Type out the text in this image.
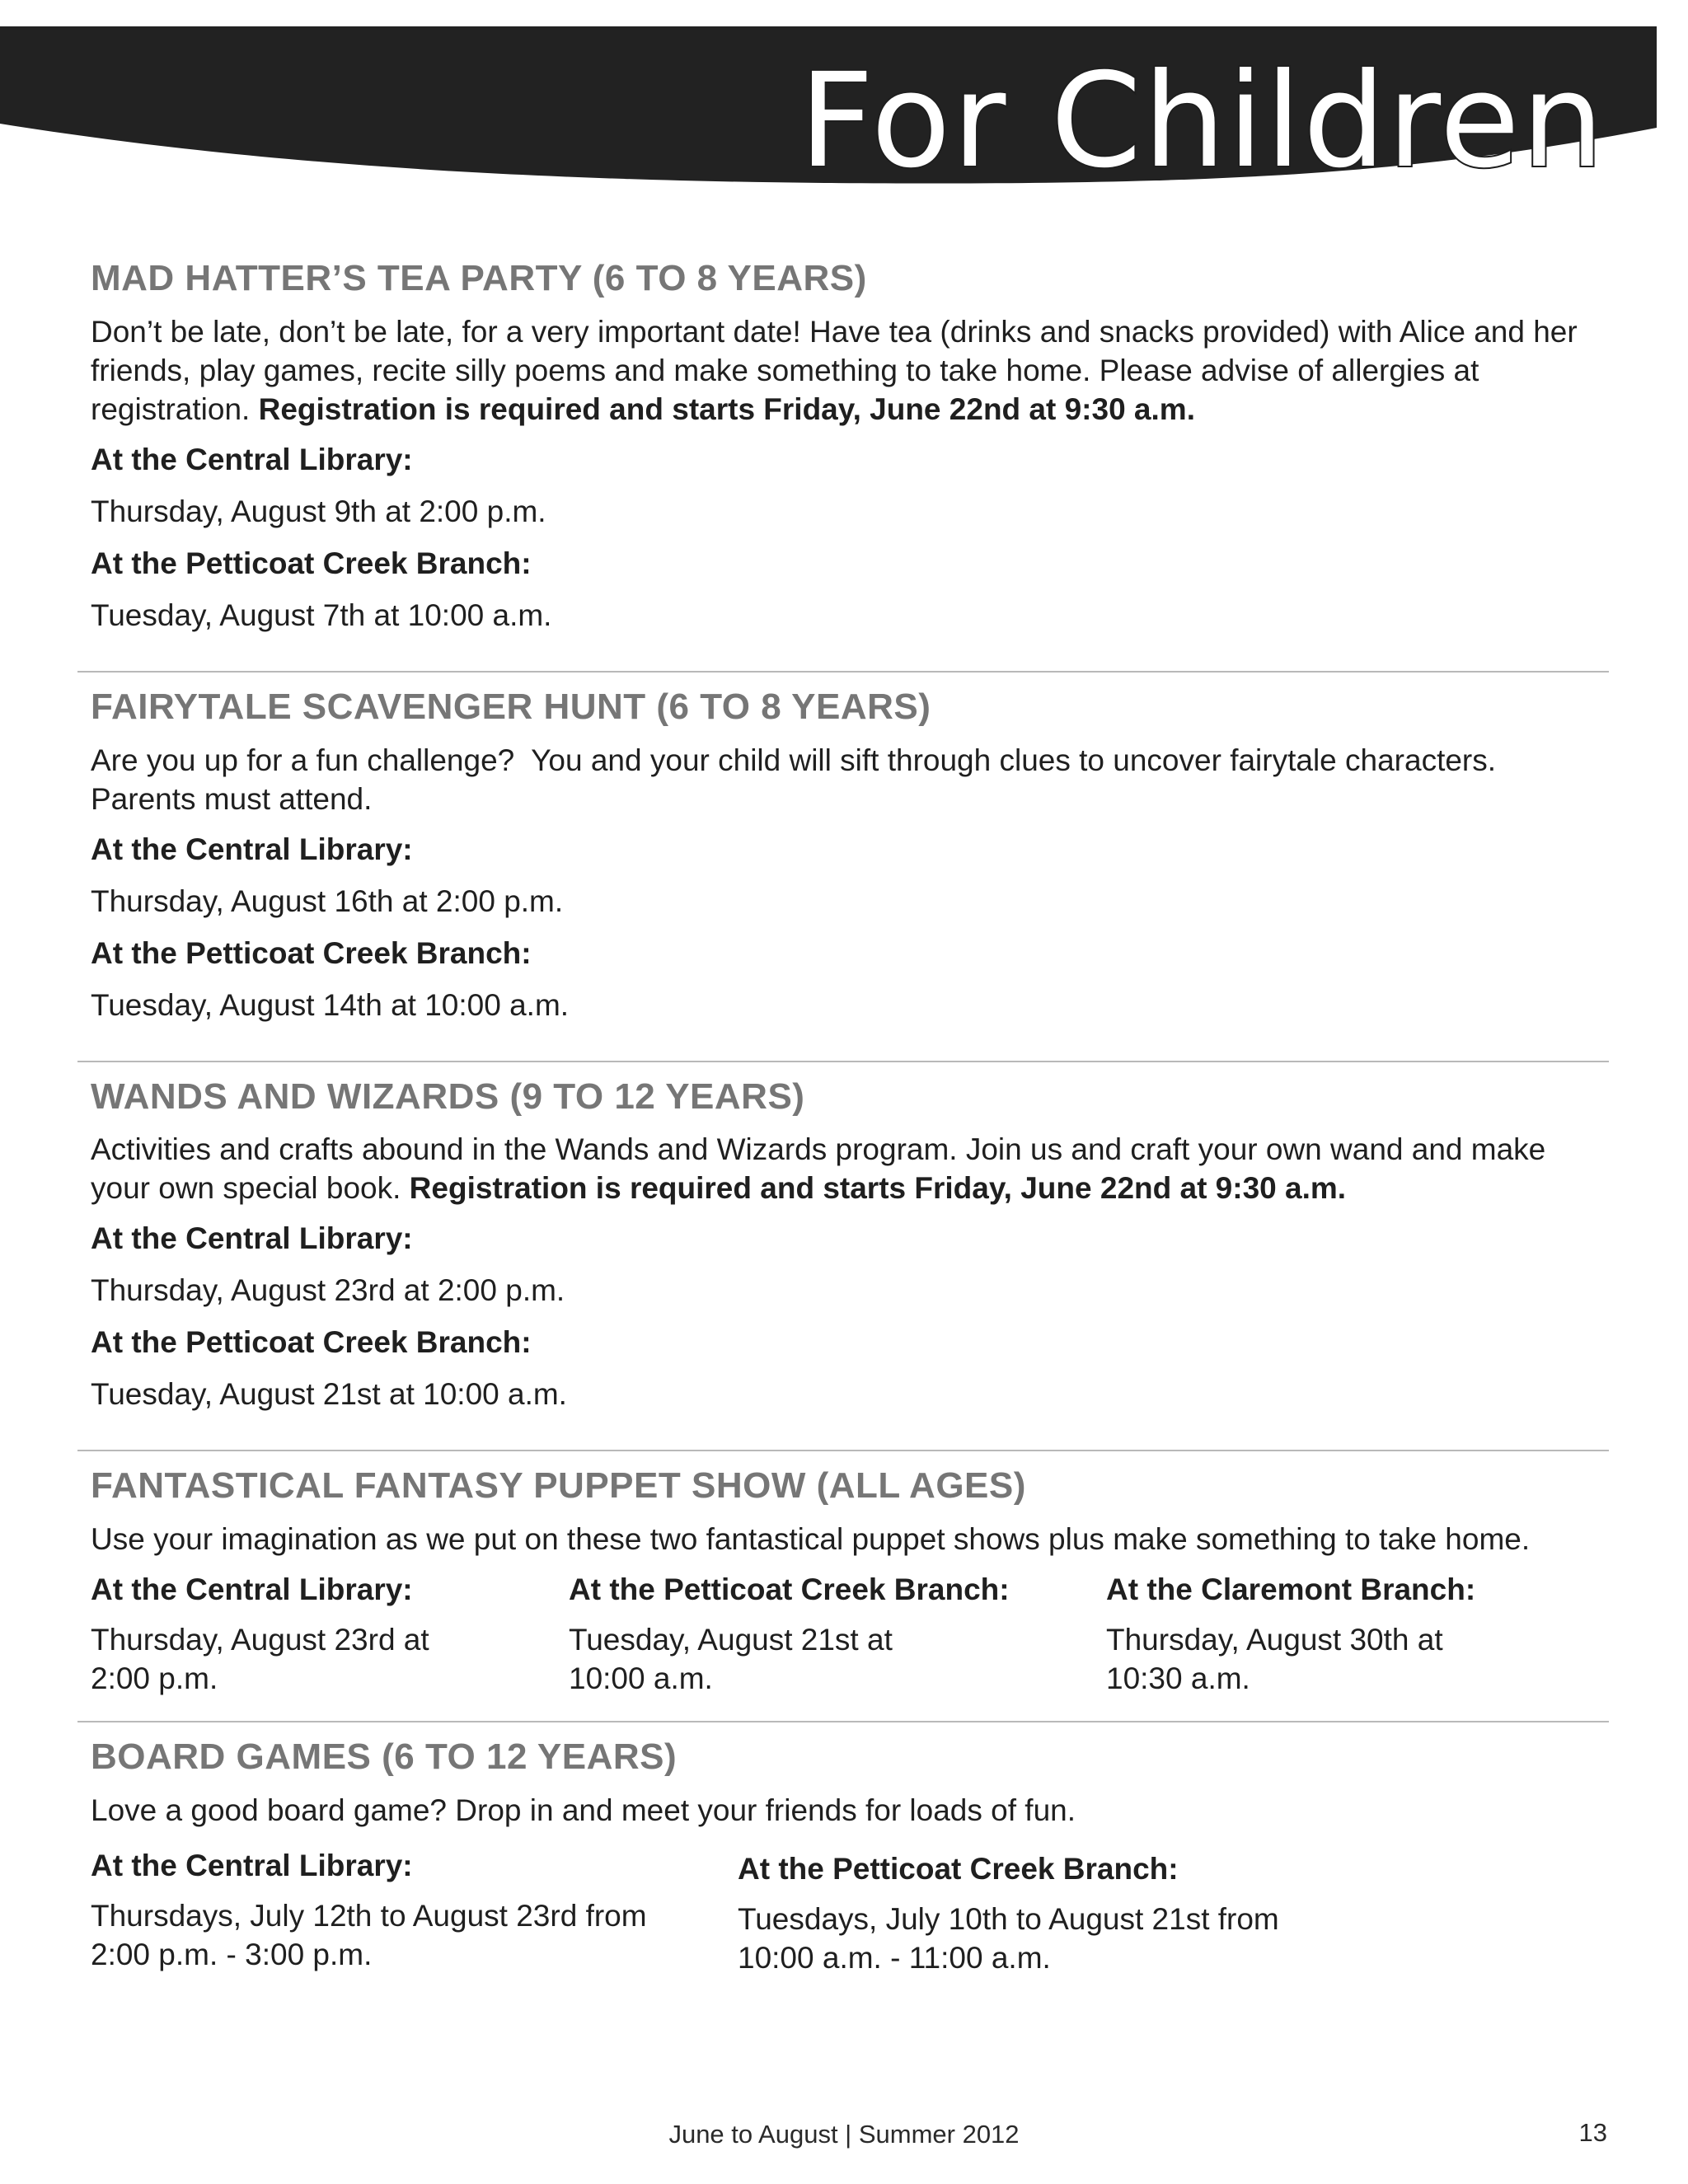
For Children
MAD HATTER’S TEA PARTY (6 TO 8 YEARS)
Don’t be late, don’t be late, for a very important date! Have tea (drinks and snacks provided) with Alice and her friends, play games, recite silly poems and make something to take home. Please advise of allergies at registration. Registration is required and starts Friday, June 22nd at 9:30 a.m.
At the Central Library:
Thursday, August 9th at 2:00 p.m.
At the Petticoat Creek Branch:
Tuesday, August 7th at 10:00 a.m.
FAIRYTALE SCAVENGER HUNT (6 TO 8 YEARS)
Are you up for a fun challenge?  You and your child will sift through clues to uncover fairytale characters.  Parents must attend.
At the Central Library:
Thursday, August 16th at 2:00 p.m.
At the Petticoat Creek Branch:
Tuesday, August 14th at 10:00 a.m.
WANDS AND WIZARDS (9 TO 12 YEARS)
Activities and crafts abound in the Wands and Wizards program. Join us and craft your own wand and make your own special book. Registration is required and starts Friday, June 22nd at 9:30 a.m.
At the Central Library:
Thursday, August 23rd at 2:00 p.m.
At the Petticoat Creek Branch:
Tuesday, August 21st at 10:00 a.m.
FANTASTICAL FANTASY PUPPET SHOW (ALL AGES)
Use your imagination as we put on these two fantastical puppet shows plus make something to take home.
At the Central Library:
Thursday, August 23rd at 2:00 p.m.
At the Petticoat Creek Branch:
Tuesday, August 21st at 10:00 a.m.
At the Claremont Branch:
Thursday, August 30th at 10:30 a.m.
BOARD GAMES (6 TO 12 YEARS)
Love a good board game? Drop in and meet your friends for loads of fun.
At the Central Library:
Thursdays, July 12th to August 23rd from 2:00 p.m. - 3:00 p.m.
At the Petticoat Creek Branch:
Tuesdays, July 10th to August 21st from 10:00 a.m. - 11:00 a.m.
June to August | Summer 2012	13
